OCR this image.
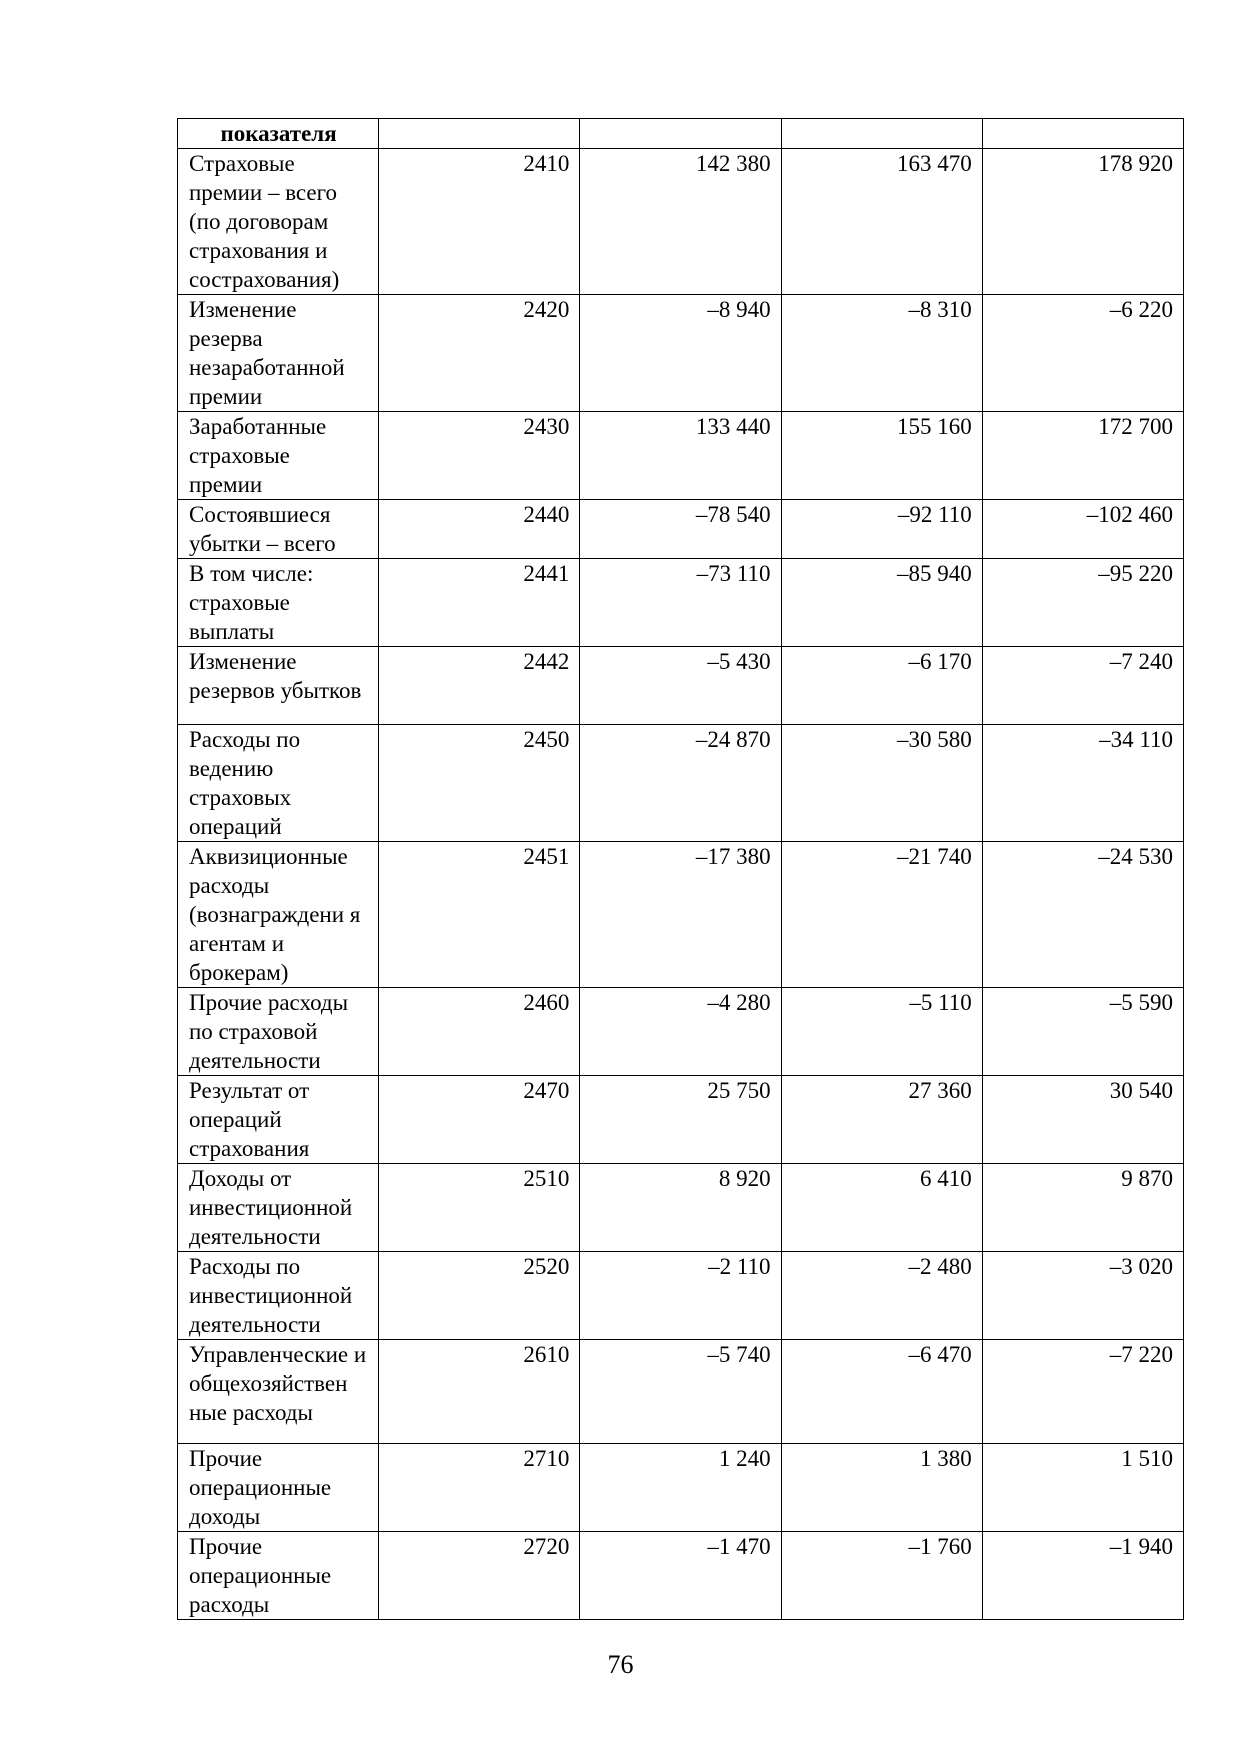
показателя				
Страховые премии – всего (по договорам страхования и сострахования)	2410	142 380	163 470	178 920
Изменение резерва незаработанной премии	2420	–8 940	–8 310	–6 220
Заработанные страховые премии	2430	133 440	155 160	172 700
Состоявшиеся убытки – всего	2440	–78 540	–92 110	–102 460
В том числе: страховые выплаты	2441	–73 110	–85 940	–95 220
Изменение резервов убытков	2442	–5 430	–6 170	–7 240
Расходы по ведению страховых операций	2450	–24 870	–30 580	–34 110
Аквизиционные расходы (вознаграждени я агентам и брокерам)	2451	–17 380	–21 740	–24 530
Прочие расходы по страховой деятельности	2460	–4 280	–5 110	–5 590
Результат от операций страхования	2470	25 750	27 360	30 540
Доходы от инвестиционной деятельности	2510	8 920	6 410	9 870
Расходы по инвестиционной деятельности	2520	–2 110	–2 480	–3 020
Управленческие и общехозяйствен ные расходы	2610	–5 740	–6 470	–7 220
Прочие операционные доходы	2710	1 240	1 380	1 510
Прочие операционные расходы	2720	–1 470	–1 760	–1 940
76
